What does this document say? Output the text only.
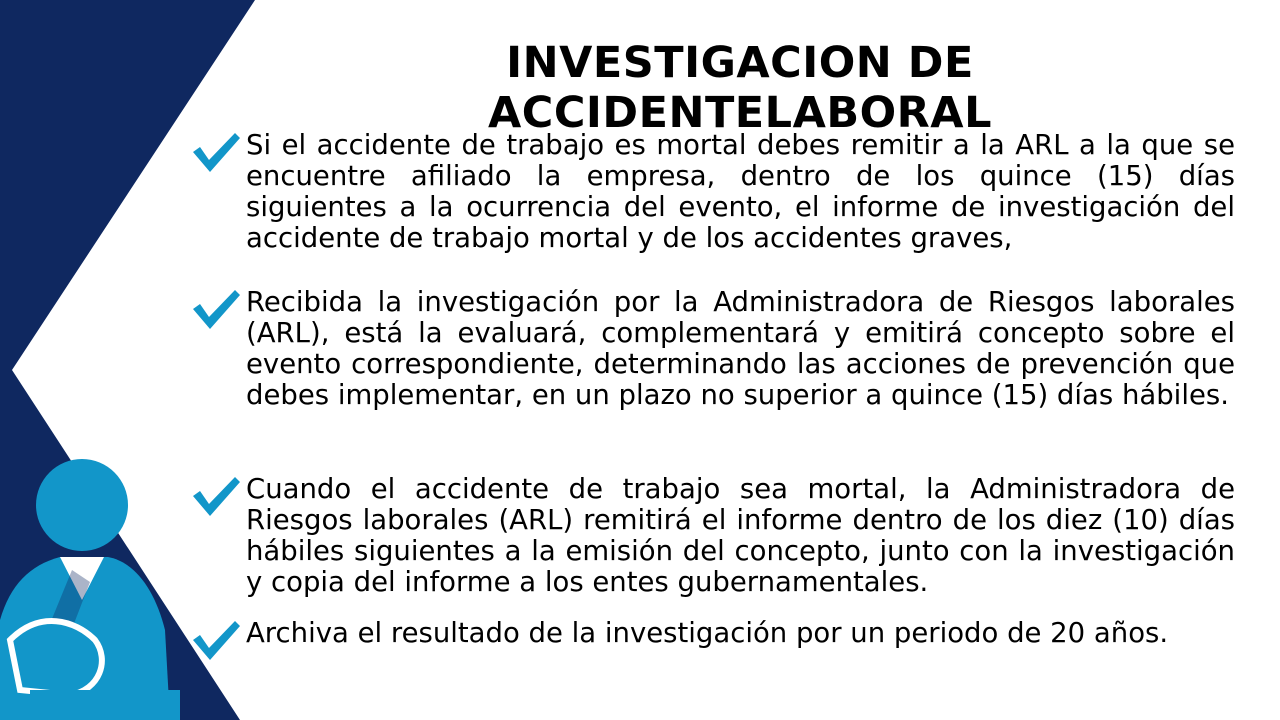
INVESTIGACION DE ACCIDENTELABORAL
Si el accidente de trabajo es mortal debes remitir a la ARL a la que se encuentre afiliado la empresa, dentro de los quince (15) días siguientes a la ocurrencia del evento, el informe de investigación del accidente de trabajo mortal y de los accidentes graves,
Recibida la investigación por la Administradora de Riesgos laborales (ARL), está la evaluará, complementará y emitirá concepto sobre el evento correspondiente, determinando las acciones de prevención que debes implementar, en un plazo no superior a quince (15) días hábiles.
Cuando el accidente de trabajo sea mortal, la Administradora de Riesgos laborales (ARL) remitirá el informe dentro de los diez (10) días hábiles siguientes a la emisión del concepto, junto con la investigación y copia del informe a los entes gubernamentales.
Archiva el resultado de la investigación por un periodo de 20 años.
